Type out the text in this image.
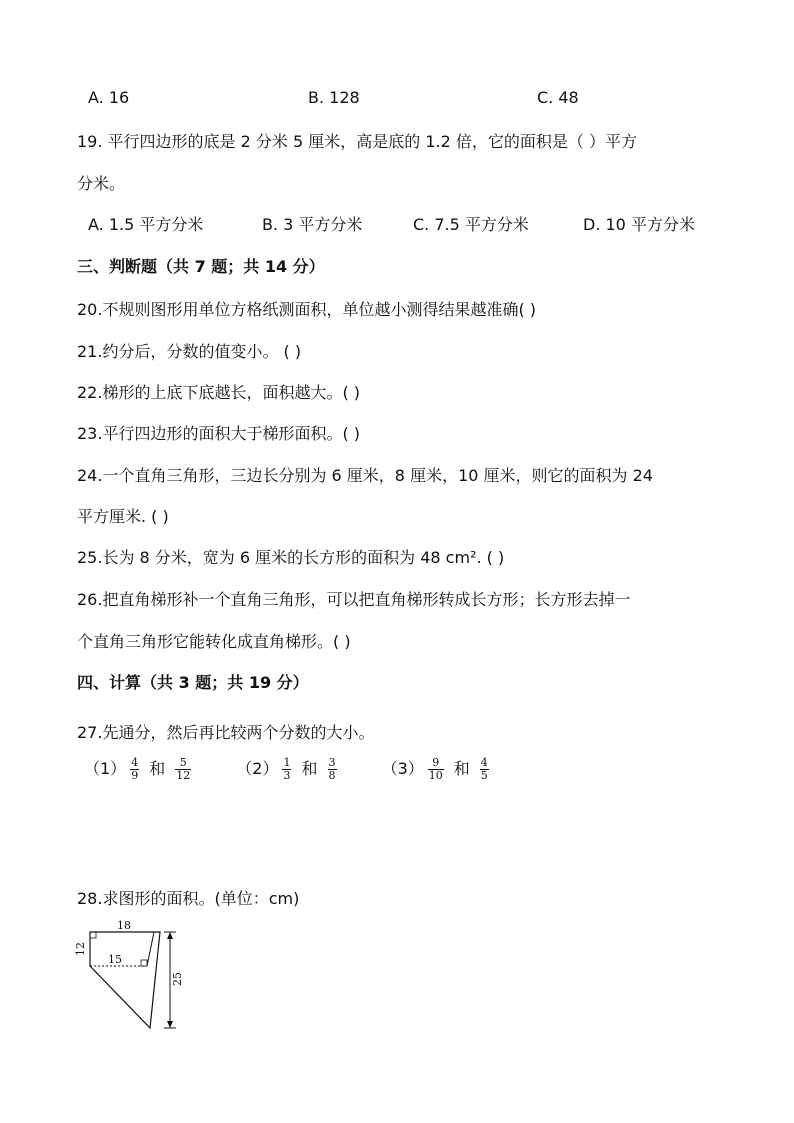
A. 16	B. 128	C. 48
19. 平行四边形的底是 2 分米 5 厘米，高是底的 1.2 倍，它的面积是（ ）平方
分米。
A. 1.5 平方分米	B. 3 平方分米	C. 7.5 平方分米	D. 10 平方分米
三、判断题（共 7 题；共 14 分）
20.不规则图形用单位方格纸测面积，单位越小测得结果越准确( )
21.约分后，分数的值变小。 ( )
22.梯形的上底下底越长，面积越大。( )
23.平行四边形的面积大于梯形面积。( )
24.一个直角三角形，三边长分别为 6 厘米，8 厘米，10 厘米，则它的面积为 24
平方厘米. ( )
25.长为 8 分米，宽为 6 厘米的长方形的面积为 48 cm². ( )
26.把直角梯形补一个直角三角形，可以把直角梯形转成长方形；长方形去掉一
个直角三角形它能转化成直角梯形。( )
四、计算（共 3 题；共 19 分）
27.先通分，然后再比较两个分数的大小。
$(1) \frac{4}{9}$ 和 $\frac{5}{12}$	$(2) \frac{1}{3}$ 和 $\frac{3}{8}$	$(3) \frac{9}{10}$ 和 $\frac{4}{5}$
28.求图形的面积。(单位：cm)
18
15
12
25
